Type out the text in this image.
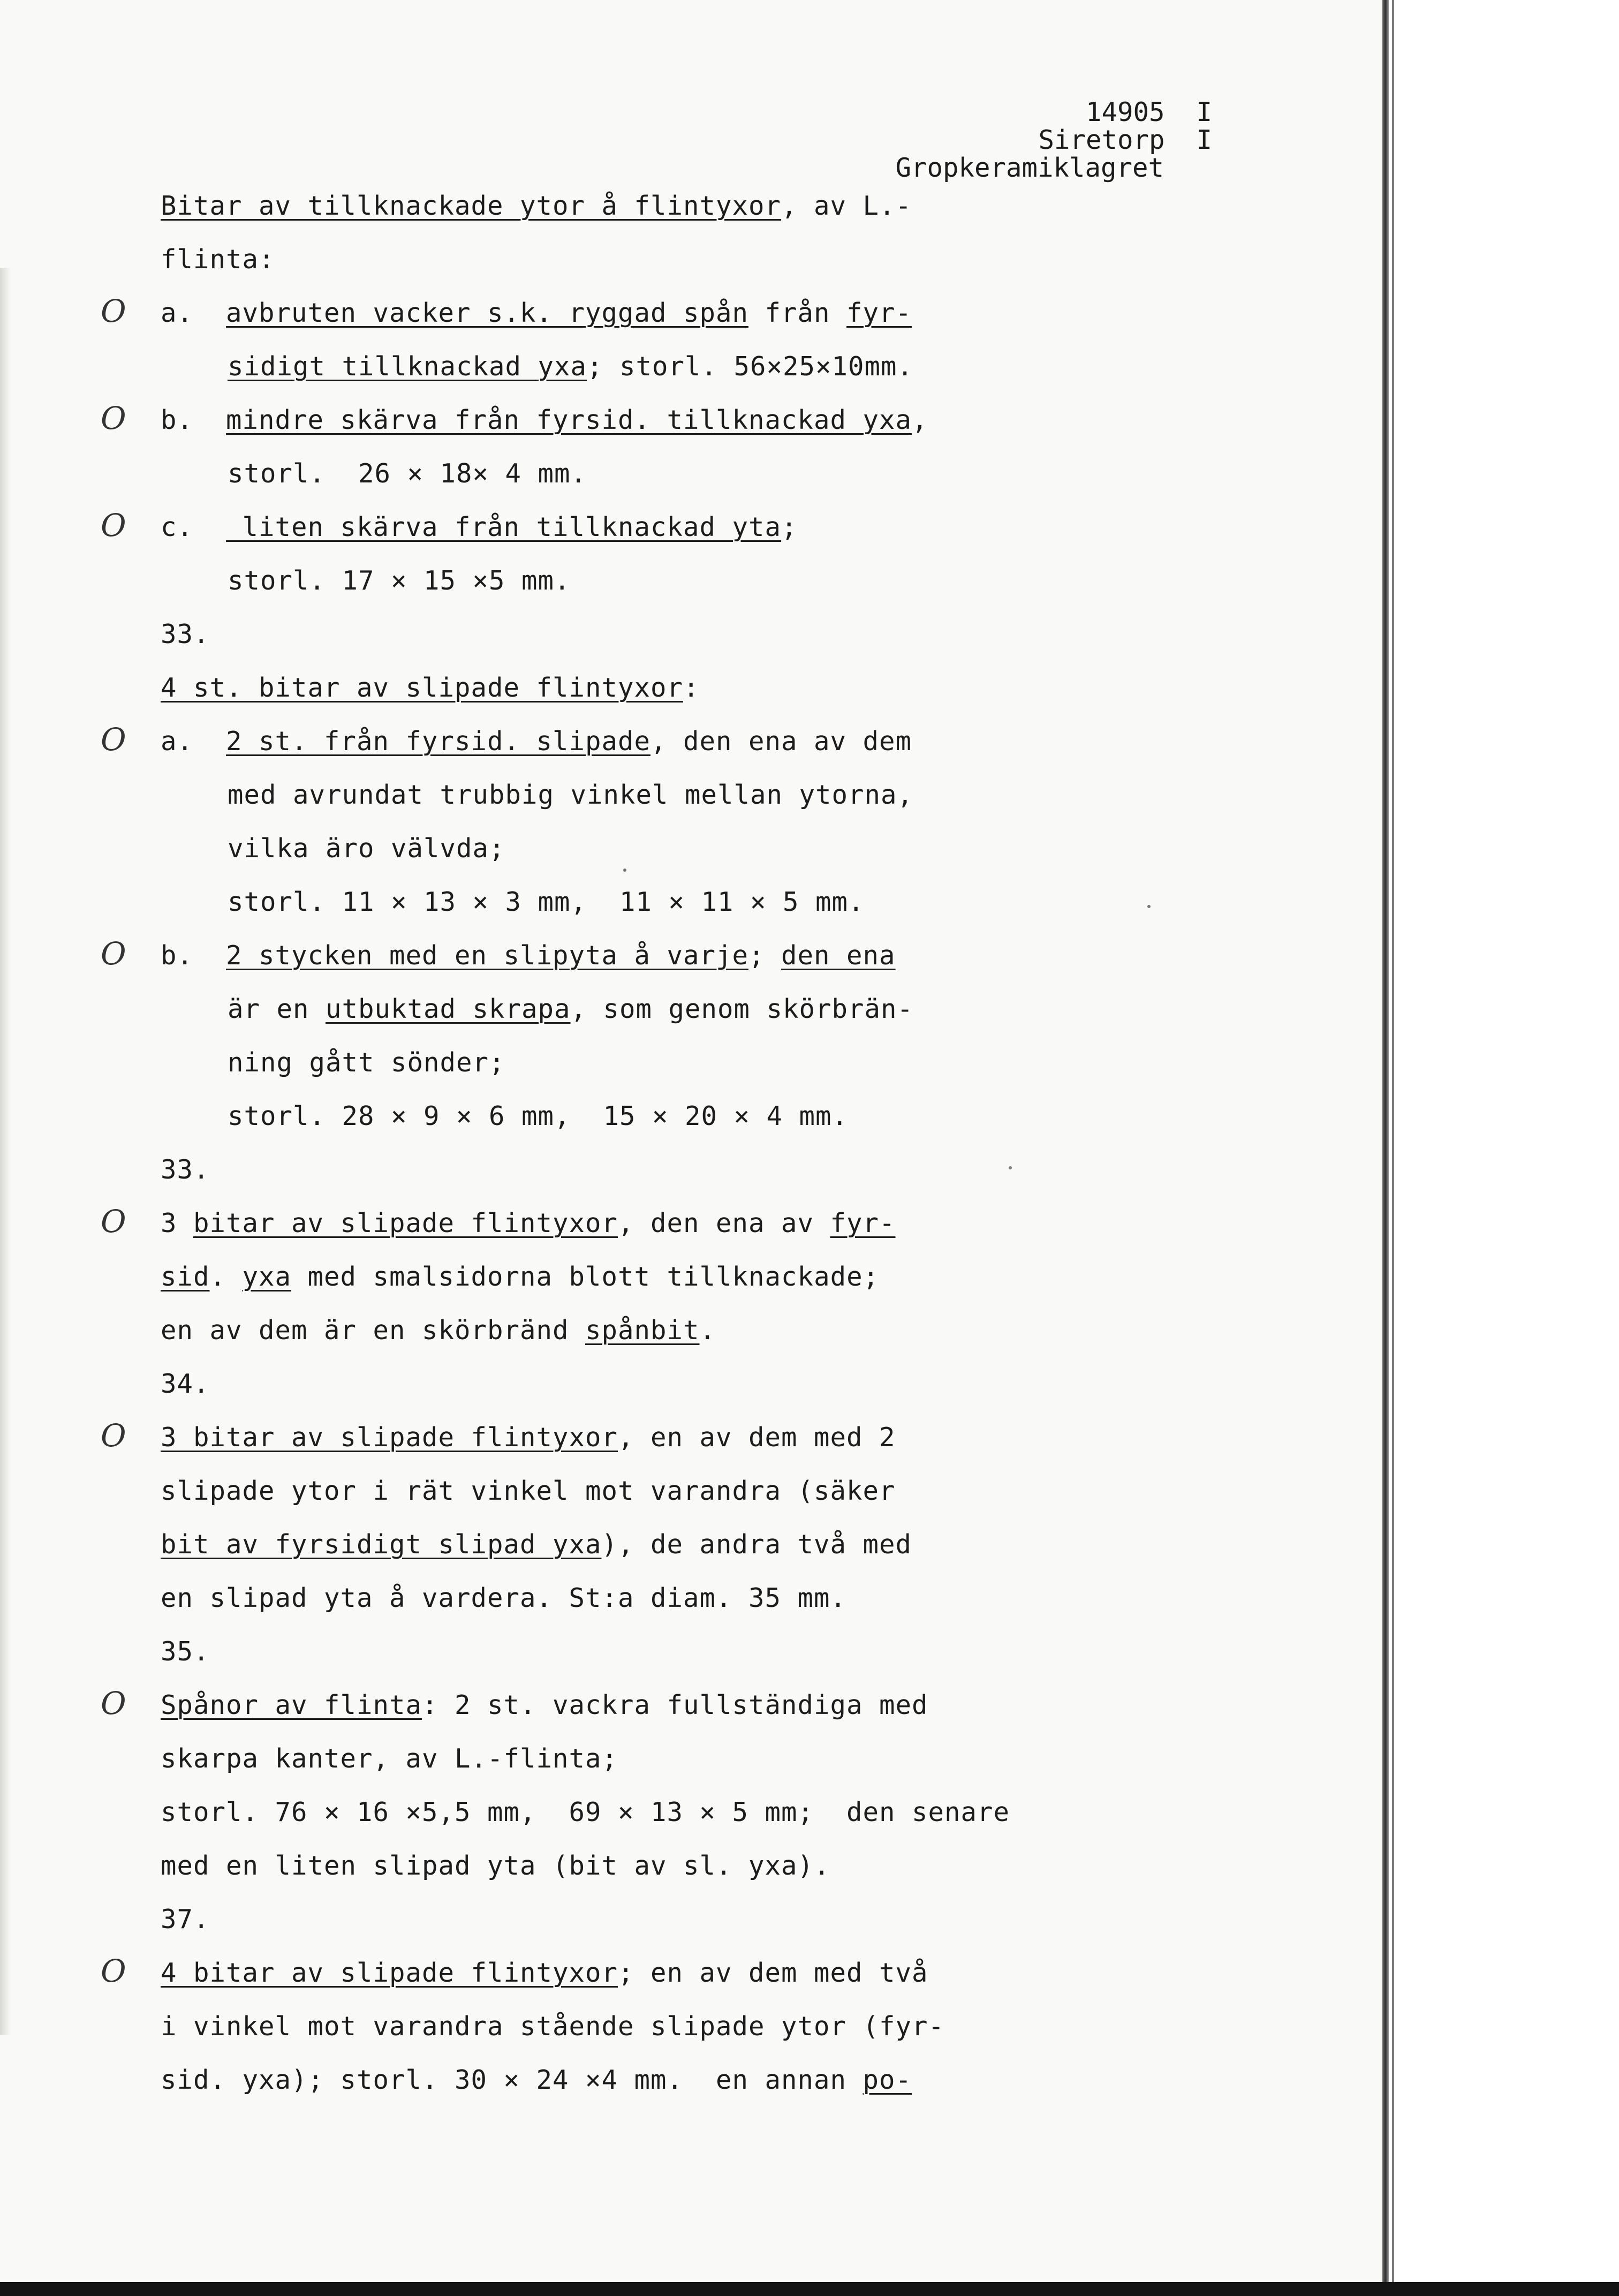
14905  I
Siretorp  I
Gropkeramiklagret
Bitar av tillknackade ytor å flintyxor, av L.-
flinta:
a.  avbruten vacker s.k. ryggad spån från fyr-
O
sidigt tillknackad yxa; storl. 56×25×10mm.
b.  mindre skärva från fyrsid. tillknackad yxa,
O
storl.  26 × 18× 4 mm.
c.   liten skärva från tillknackad yta;
O
storl. 17 × 15 ×5 mm.
33.
4 st. bitar av slipade flintyxor:
a.  2 st. från fyrsid. slipade, den ena av dem
O
med avrundat trubbig vinkel mellan ytorna,
vilka äro välvda;
storl. 11 × 13 × 3 mm,  11 × 11 × 5 mm.
b.  2 stycken med en slipyta å varje; den ena
O
är en utbuktad skrapa, som genom skörbrän-
ning gått sönder;
storl. 28 × 9 × 6 mm,  15 × 20 × 4 mm.
33.
3 bitar av slipade flintyxor, den ena av fyr-
O
sid. yxa med smalsidorna blott tillknackade;
en av dem är en skörbränd spånbit.
34.
3 bitar av slipade flintyxor, en av dem med 2
O
slipade ytor i rät vinkel mot varandra (säker
bit av fyrsidigt slipad yxa), de andra två med
en slipad yta å vardera. St:a diam. 35 mm.
35.
Spånor av flinta: 2 st. vackra fullständiga med
O
skarpa kanter, av L.-flinta;
storl. 76 × 16 ×5,5 mm,  69 × 13 × 5 mm;  den senare
med en liten slipad yta (bit av sl. yxa).
37.
4 bitar av slipade flintyxor; en av dem med två
O
i vinkel mot varandra stående slipade ytor (fyr-
sid. yxa); storl. 30 × 24 ×4 mm.  en annan po-
